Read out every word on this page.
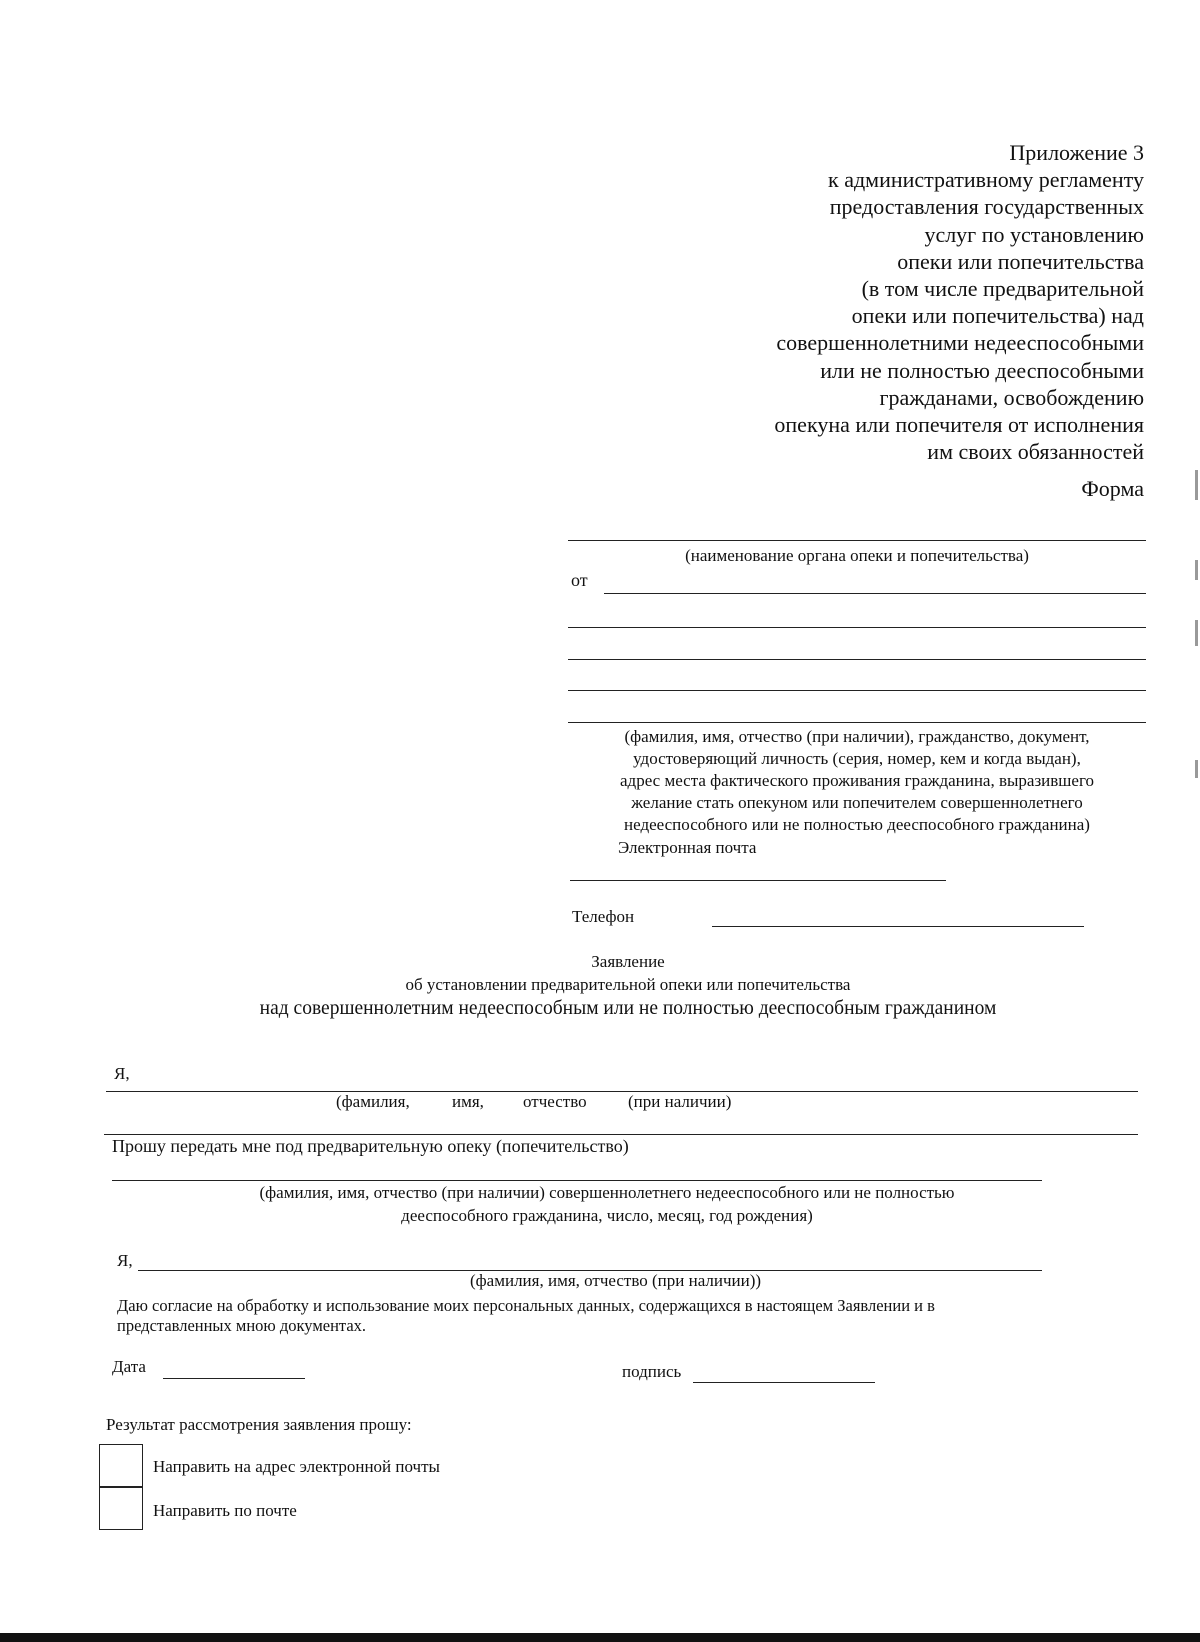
Приложение 3
к административному регламенту
предоставления государственных
услуг по установлению
опеки или попечительства
(в том числе предварительной
опеки или попечительства) над
совершеннолетними недееспособными
или не полностью дееспособными
гражданами, освобождению
опекуна или попечителя от исполнения
им своих обязанностей
Форма
(наименование органа опеки и попечительства)
от
(фамилия, имя, отчество (при наличии), гражданство, документ,
удостоверяющий личность (серия, номер, кем и когда выдан),
адрес места фактического проживания гражданина, выразившего
желание стать опекуном или попечителем совершеннолетнего
недееспособного или не полностью дееспособного гражданина)
Электронная почта
Телефон
Заявление
об установлении предварительной опеки или попечительства
над совершеннолетним недееспособным или не полностью дееспособным гражданином
Я,
(фамилия, имя, отчество (при наличии)
Прошу передать мне под предварительную опеку (попечительство)
(фамилия, имя, отчество (при наличии) совершеннолетнего недееспособного или не полностью
дееспособного гражданина, число, месяц, год рождения)
Я,
(фамилия, имя, отчество (при наличии))
Даю согласие на обработку и использование моих персональных данных, содержащихся в настоящем Заявлении и в
представленных мною документах.
Дата	подпись
Результат рассмотрения заявления прошу:
Направить на адрес электронной почты
Направить по почте
